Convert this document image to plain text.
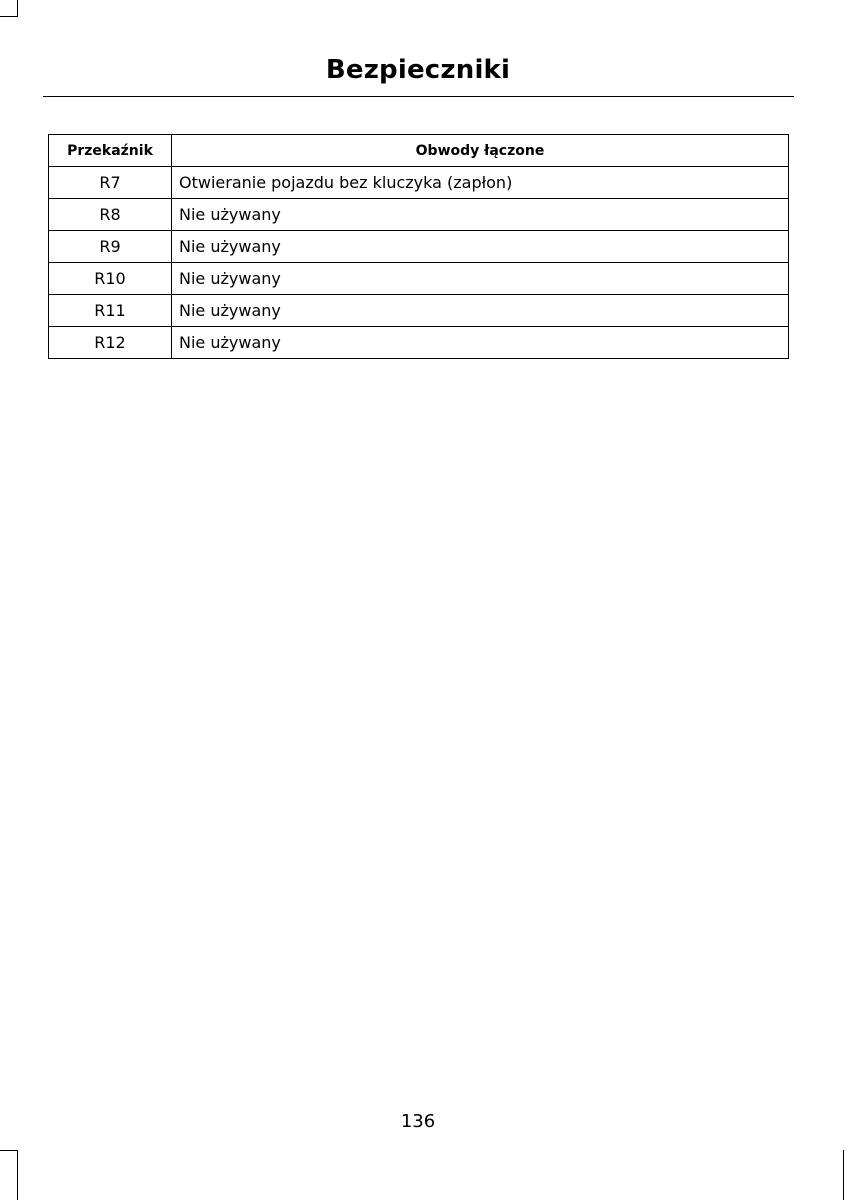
Bezpieczniki
Przekaźnik	Obwody łączone
R7	Otwieranie pojazdu bez kluczyka (zapłon)
R8	Nie używany
R9	Nie używany
R10	Nie używany
R11	Nie używany
R12	Nie używany
136
